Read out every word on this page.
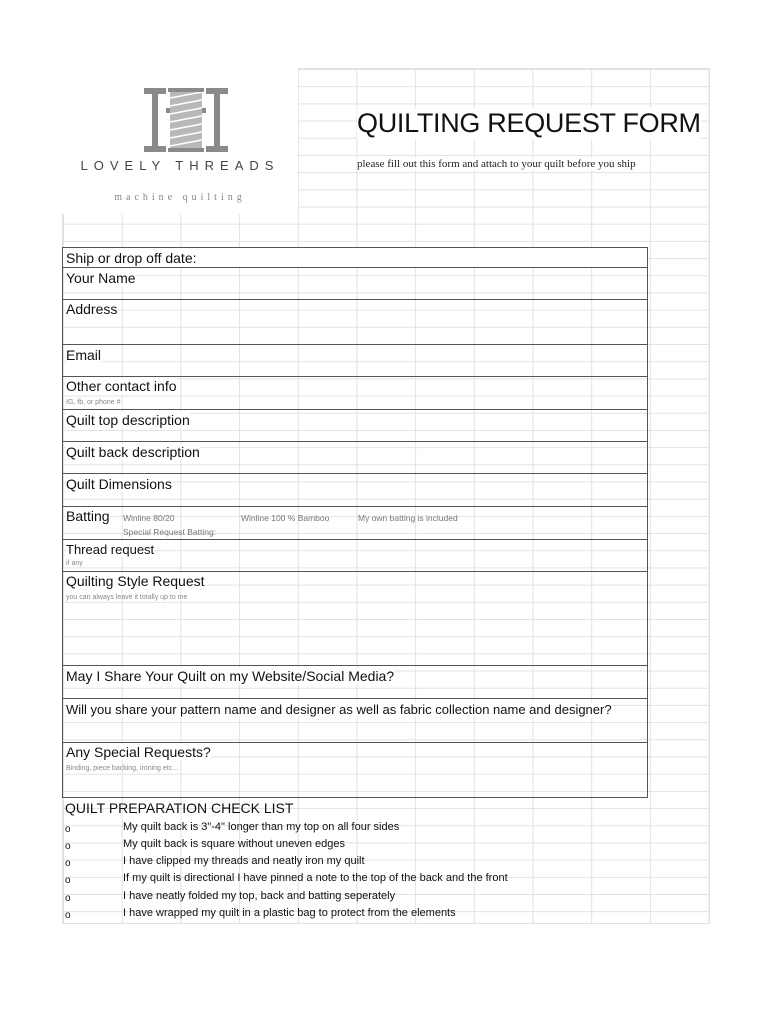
LOVELY THREADS
machine quilting
QUILTING REQUEST FORM
please fill out this form and attach to your quilt before you ship
Ship or drop off date:
Your Name
Address
Email
Other contact info
IG, fb, or phone #
Quilt top description
Quilt back description
Quilt Dimensions
Batting Winline 80/20	Winline 100 % Bamboo	My own batting is included
Special Request Batting:
Thread request
if any
Quilting Style Request
you can always leave it totally up to me
May I Share Your Quilt on my Website/Social Media?
Will you share your pattern name and designer as well as fabric collection name and designer?
Any Special Requests?
Binding, piece backing, ironing etc...
QUILT PREPARATION CHECK LIST
o	My quilt back is 3"-4" longer than my top on all four sides
o	My quilt back is square without uneven edges
o	I have clipped my threads and neatly iron my quilt
o	If my quilt is directional I have pinned a note to the top of the back and the front
o	I have neatly folded my top, back and batting seperately
o	I have wrapped my quilt in a plastic bag to protect from the elements
